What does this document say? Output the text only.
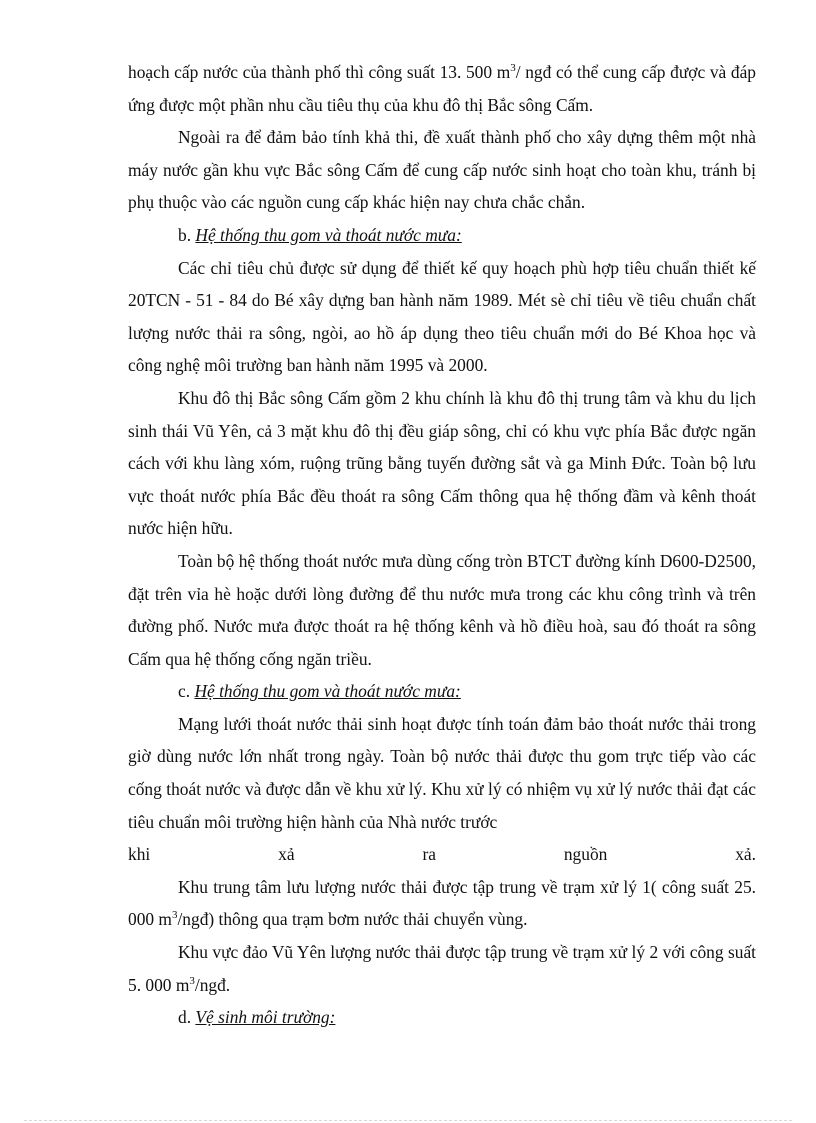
hoạch cấp nước của thành phố thì công suất 13. 500 $m^3/$ ngđ có thể cung cấp được và đáp ứng được một phần nhu cầu tiêu thụ của khu đô thị Bắc sông Cấm.

Ngoài ra để đảm bảo tính khả thi, đề xuất thành phố cho xây dựng thêm một nhà máy nước gần khu vực Bắc sông Cấm để cung cấp nước sinh hoạt cho toàn khu, tránh bị phụ thuộc vào các nguồn cung cấp khác hiện nay chưa chắc chắn.

b. Hệ thống thu gom và thoát nước mưa:

Các chỉ tiêu chủ được sử dụng để thiết kế quy hoạch phù hợp tiêu chuẩn thiết kế 20TCN - 51 - 84 do Bé xây dựng ban hành năm 1989. Mét sè chỉ tiêu về tiêu chuẩn chất lượng nước thải ra sông, ngòi, ao hồ áp dụng theo tiêu chuẩn mới do Bé Khoa học và công nghệ môi trường ban hành năm 1995 và 2000.

Khu đô thị Bắc sông Cấm gồm 2 khu chính là khu đô thị trung tâm và khu du lịch sinh thái Vũ Yên, cả 3 mặt khu đô thị đều giáp sông, chỉ có khu vực phía Bắc được ngăn cách với khu làng xóm, ruộng trũng bằng tuyến đường sắt và ga Minh Đức. Toàn bộ lưu vực thoát nước phía Bắc đều thoát ra sông Cấm thông qua hệ thống đầm và kênh thoát nước hiện hữu.

Toàn bộ hệ thống thoát nước mưa dùng cống tròn BTCT đường kính D600-D2500, đặt trên vỉa hè hoặc dưới lòng đường để thu nước mưa trong các khu công trình và trên đường phố. Nước mưa được thoát ra hệ thống kênh và hồ điều hoà, sau đó thoát ra sông Cấm qua hệ thống cống ngăn triều.

c. Hệ thống thu gom và thoát nước mưa:

Mạng lưới thoát nước thải sinh hoạt được tính toán đảm bảo thoát nước thải trong giờ dùng nước lớn nhất trong ngày. Toàn bộ nước thải được thu gom trực tiếp vào các cống thoát nước và được dẫn về khu xử lý. Khu xử lý có nhiệm vụ xử lý nước thải đạt các tiêu chuẩn môi trường hiện hành của Nhà nước trước

khi xả ra nguồn xả.

Khu trung tâm lưu lượng nước thải được tập trung về trạm xử lý 1( công suất 25. 000 $m^3/ngđ$) thông qua trạm bơm nước thải chuyển vùng.

Khu vực đảo Vũ Yên lượng nước thải được tập trung về trạm xử lý 2 với công suất 5. 000 $m^3$/ngđ.

d. Vệ sinh môi trường:
